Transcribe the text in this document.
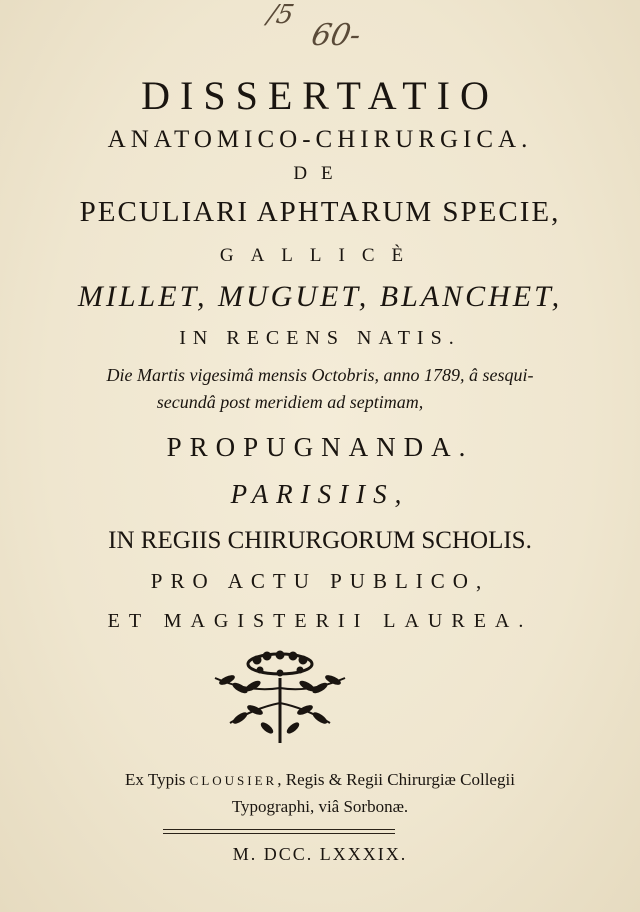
/5
60-
DISSERTATIO
ANATOMICO-CHIRURGICA.
DE
PECULIARI APHTARUM SPECIE,
GALLICÈ
MILLET, MUGUET, BLANCHET,
IN RECENS NATIS.
Die Martis vigesimâ mensis Octobris, anno 1789, â sesqui-
secundâ post meridiem ad septimam,
PROPUGNANDA.
PARISIIS,
IN REGIIS CHIRURGORUM SCHOLIS.
PRO ACTU PUBLICO,
ET MAGISTERII LAUREA.
Ex Typis CLOUSIER, Regis & Regii Chirurgiæ Collegii
Typographi, viâ Sorbonæ.
M. DCC. LXXXIX.
